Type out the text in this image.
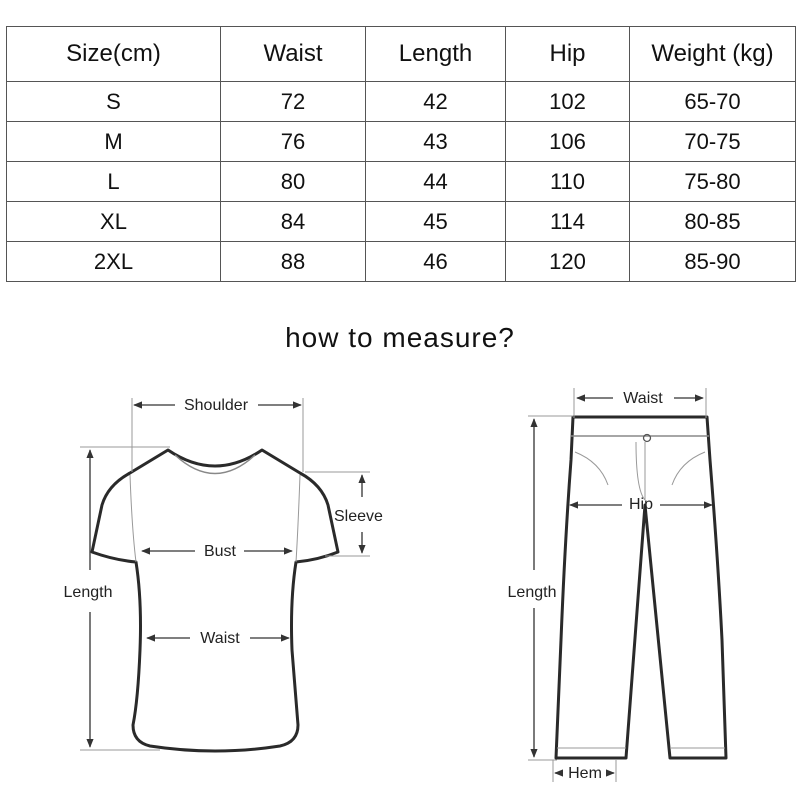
Size(cm)	Waist	Length	Hip	Weight (kg)
S	72	42	102	65-70
M	76	43	106	70-75
L	80	44	110	75-80
XL	84	45	114	80-85
2XL	88	46	120	85-90
how to measure?
Shoulder
Sleeve
Bust
Waist
Length
Waist
Hip
Length
Hem
